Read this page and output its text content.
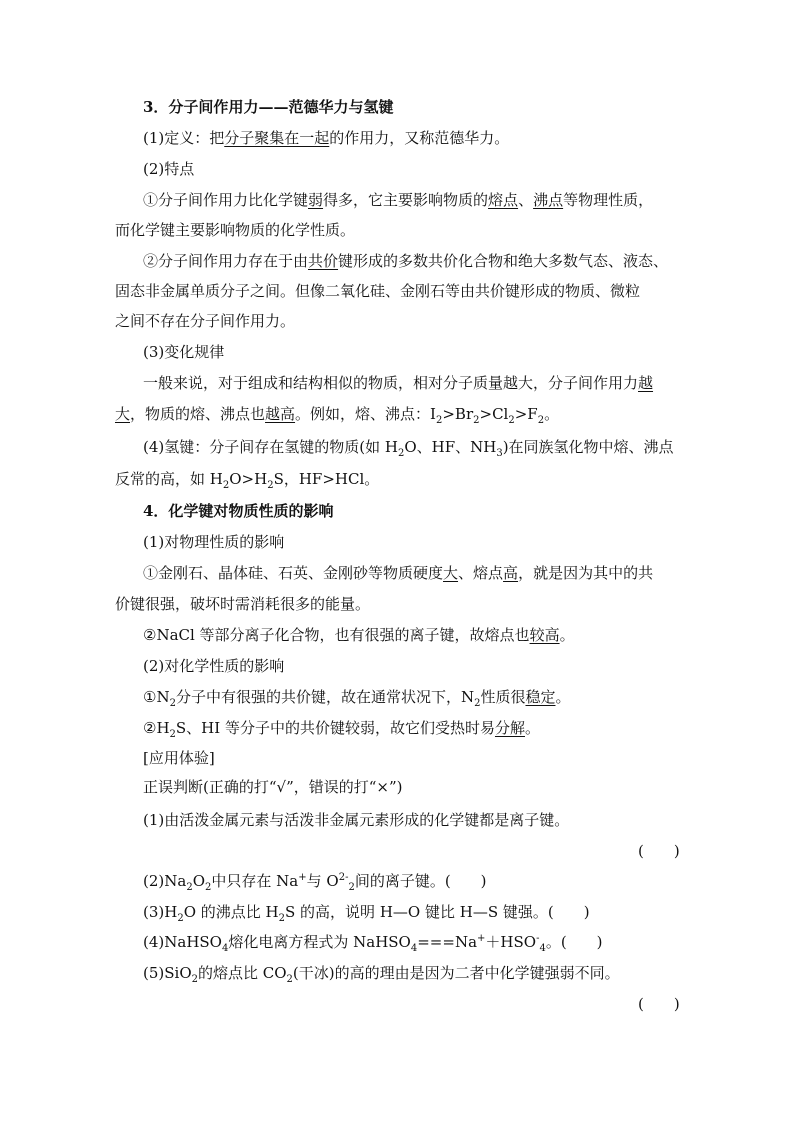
3．分子间作用力——范德华力与氢键
(1)定义：把分子聚集在一起的作用力，又称范德华力。
(2)特点
①分子间作用力比化学键弱得多，它主要影响物质的熔点、沸点等物理性质，
而化学键主要影响物质的化学性质。
②分子间作用力存在于由共价键形成的多数共价化合物和绝大多数气态、液态、
固态非金属单质分子之间。但像二氧化硅、金刚石等由共价键形成的物质、微粒
之间不存在分子间作用力。
(3)变化规律
一般来说，对于组成和结构相似的物质，相对分子质量越大，分子间作用力越
大，物质的熔、沸点也越高。例如，熔、沸点：$I_2>Br_2>Cl_2>F_2$。
(4)氢键：分子间存在氢键的物质(如 $H_2O$、HF、$NH_3$)在同族氢化物中熔、沸点
反常的高，如 $H_2O>H_2S$，HF>HCl。
4．化学键对物质性质的影响
(1)对物理性质的影响
①金刚石、晶体硅、石英、金刚砂等物质硬度大、熔点高，就是因为其中的共
价键很强，破坏时需消耗很多的能量。
②NaCl 等部分离子化合物，也有很强的离子键，故熔点也较高。
(2)对化学性质的影响
$①N_2$分子中有很强的共价键，故在通常状况下，$N_2$性质很稳定。
$②H_2S$、HI 等分子中的共价键较弱，故它们受热时易分解。
[应用体验]
正误判断(正确的打“√”，错误的打“×”)
(1)由活泼金属元素与活泼非金属元素形成的化学键都是离子键。
(　　)
$(2)Na_2O_2$中只存在 Na+与 $O^{2-}_2$间的离子键。(　　)
$(3)H_2O$ 的沸点比 $H_2S$ 的高，说明 H—O 键比 H—S 键强。(　　)
(4)NaHSO$_4$熔化电离方程式为 $NaHSO_4===Na^++HSO^-_4$。(　　)
(5)SiO$_2$的熔点比 $CO_2$(干冰)的高的理由是因为二者中化学键强弱不同。
(　　)
